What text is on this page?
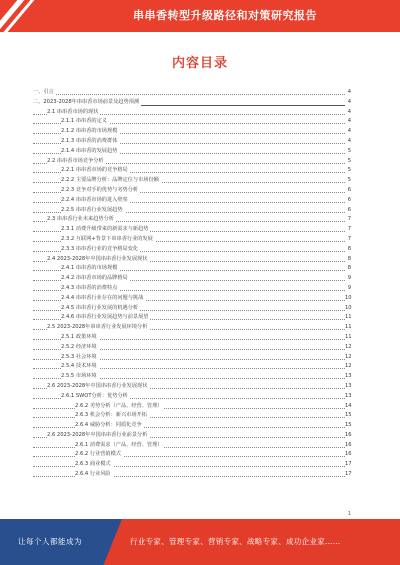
串串香转型升级路径和对策研究报告
内容目录
一、引言	4
二、2023-2028年串串香市场前景及趋势预测	4
2.1 串串香市场的现状	4
2.1.1 串串香的定义	4
2.1.2 串串香的市场规模	4
2.1.3 串串香的消费群体	4
2.1.4 串串香的发展趋势	5
2.2 串串香市场竞争分析	5
2.2.1 串串香市场的竞争格局	5
2.2.2 主要品牌分析：品牌定位与市场份额	5
2.2.3 竞争对手的优势与劣势分析	6
2.2.4 串串香市场的进入壁垒	6
2.2.5 串串香行业发展趋势	6
2.3 串串香行业未来趋势分析	7
2.3.1 消费升级带来的新需求与新趋势	7
2.3.2 互联网+背景下串串香行业的发展	7
2.3.3 串串香行业的竞争格局变化	8
2.4 2023-2028年中国串串香行业发展现状	8
2.4.1 串串香的市场规模	8
2.4.2 串串香市场的品牌格局	9
2.4.3 串串香的消费特点	9
2.4.4 串串香行业存在的问题与挑战	10
2.4.5 串串香行业发展的机遇分析	10
2.4.6 串串香行业发展趋势与前景展望	11
2.5 2023-2028年串串香行业发展环境分析	11
2.5.1 政策环境	11
2.5.2 经济环境	12
2.5.3 社会环境	12
2.5.4 技术环境	12
2.5.5 市场环境	13
2.6 2023-2028年中国串串香行业发展现状	13
2.6.1 SWOT分析：优势分析	13
2.6.2 劣势分析（产品、经营、管理）	14
2.6.3 机会分析：新兴市场开拓	15
2.6.4 威胁分析：同质化竞争	15
2.6 2023-2028年中国串串香行业前景分析	16
2.6.1 消费需求（产品、经营、管理）	16
2.6.2 行业营销模式	16
2.6.3 商业模式	17
2.6.4 行业风险	17
1
让每个人都能成为	行业专家、管理专家、营销专家、战略专家、成功企业家……
